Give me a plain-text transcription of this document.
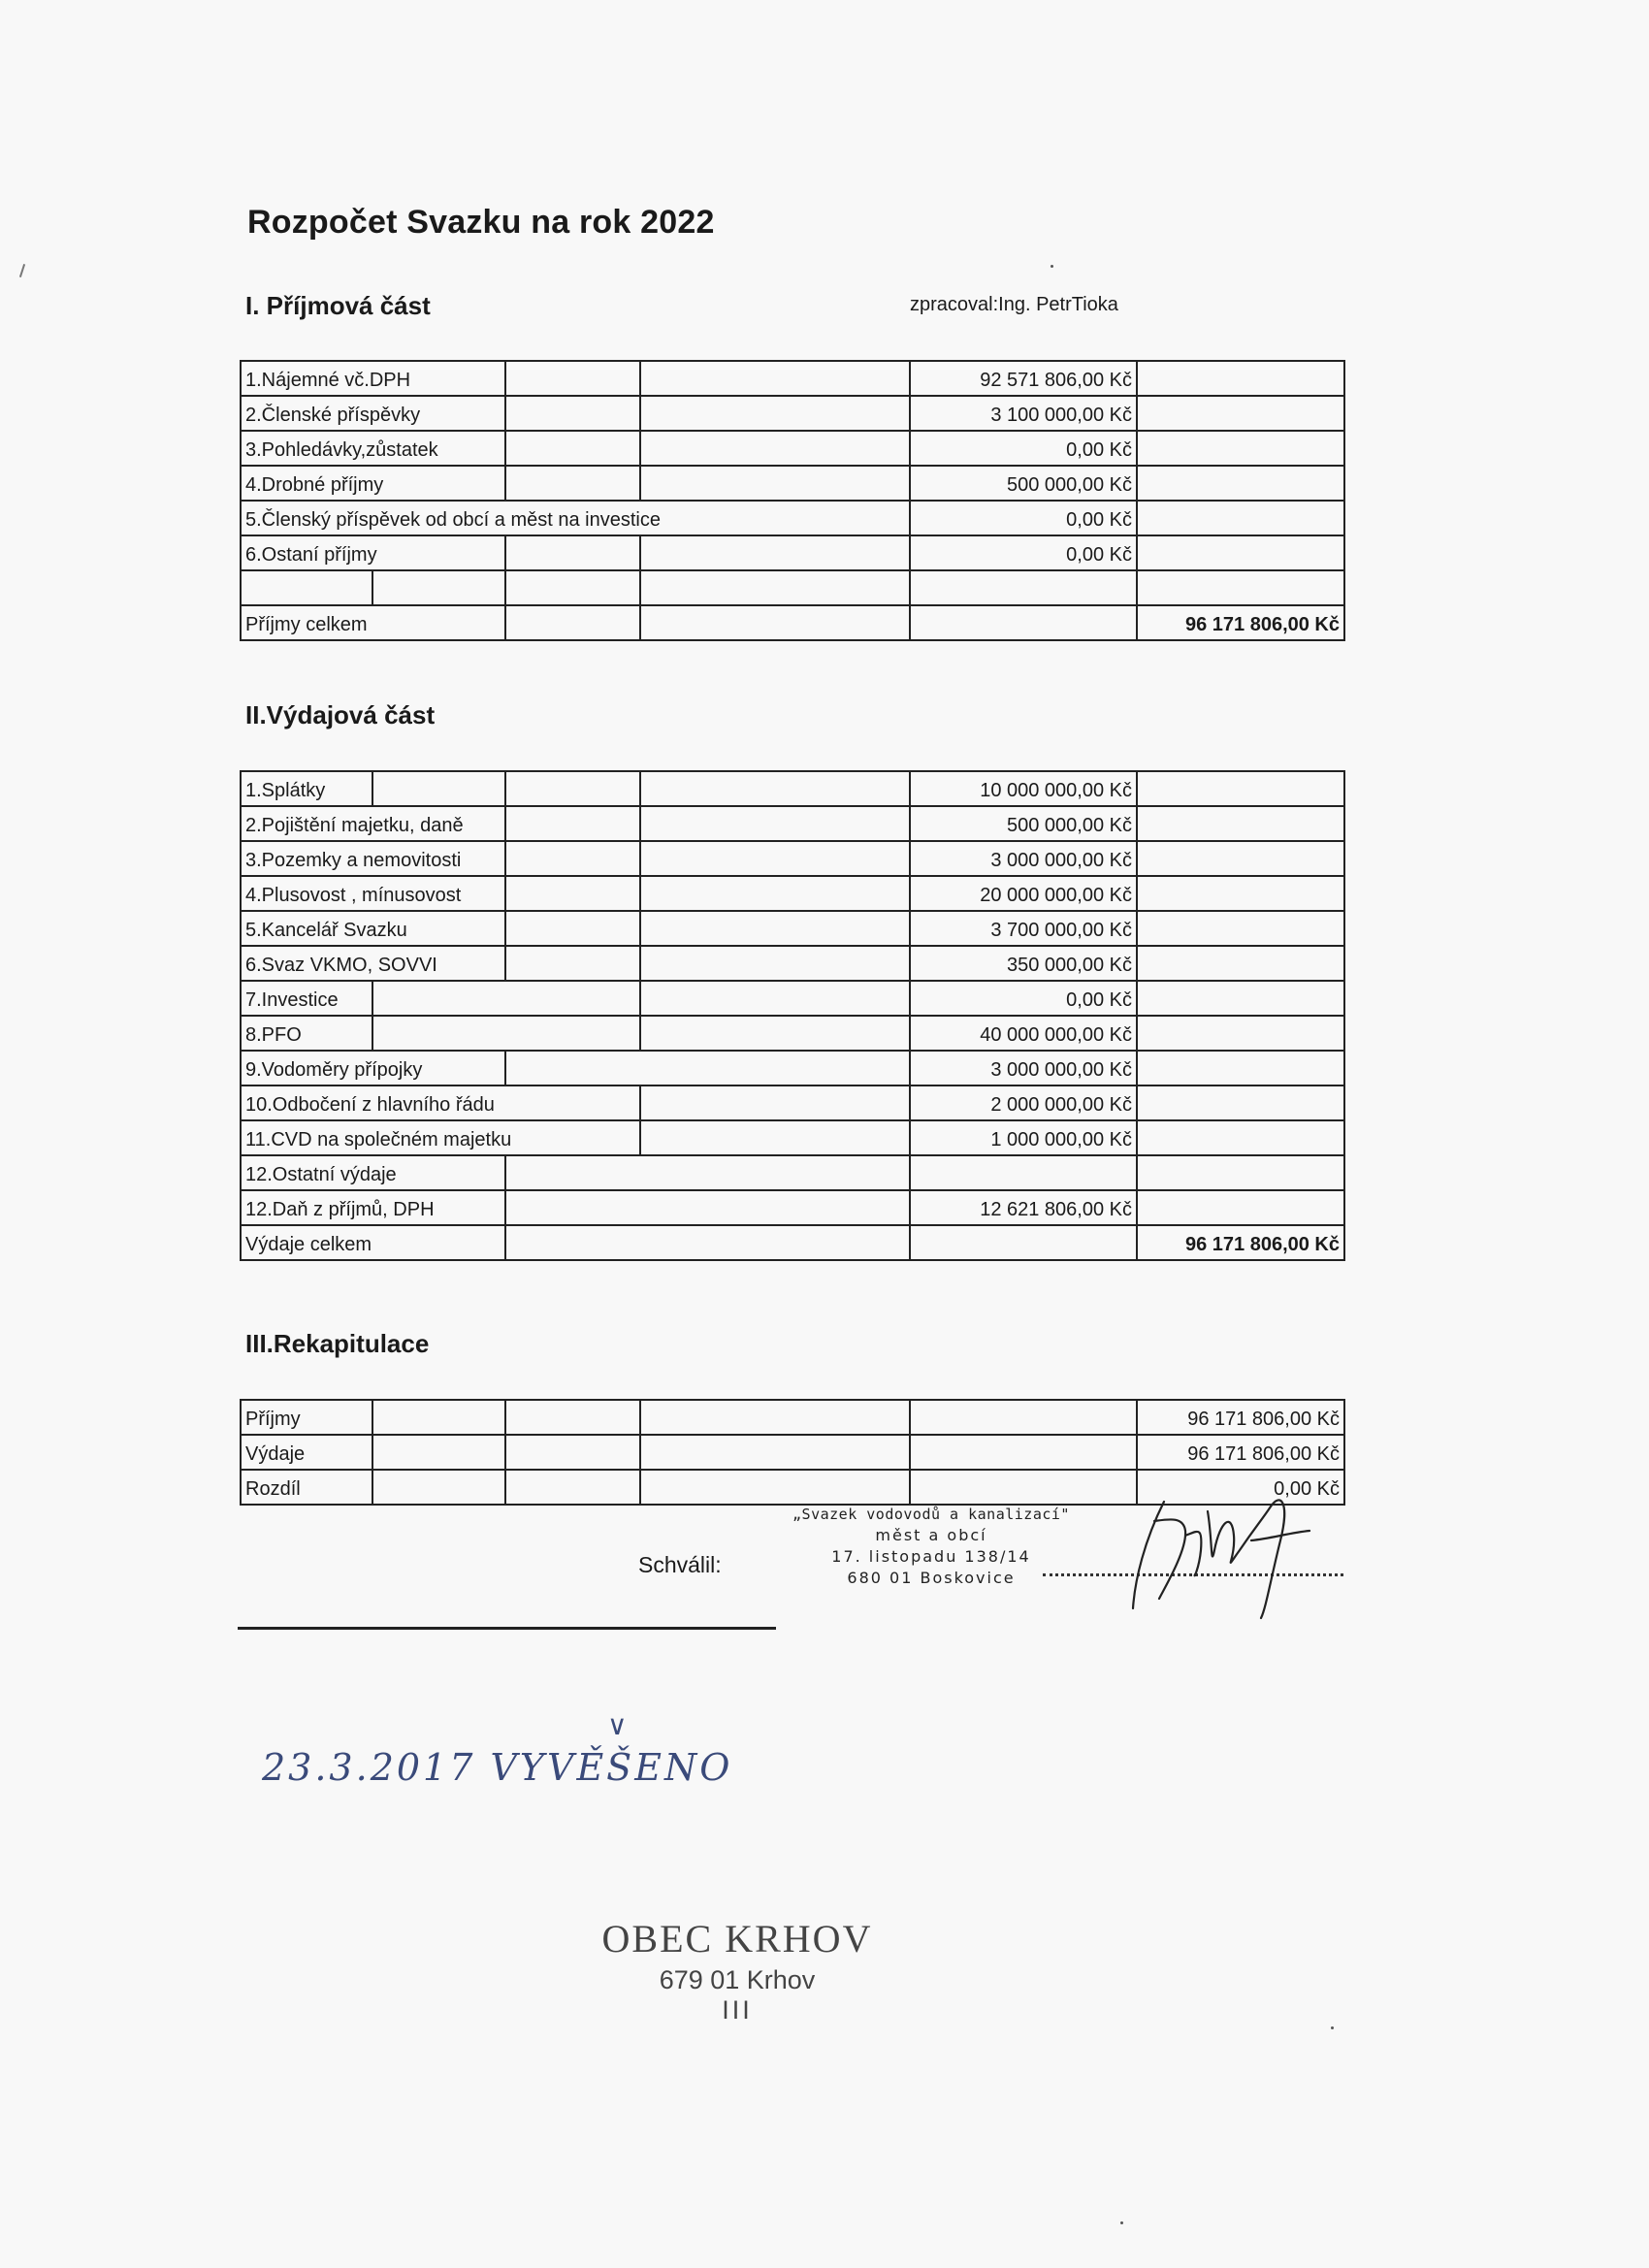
Rozpočet Svazku na rok 2022
I. Příjmová část	zpracoval:Ing. PetrTioka
1.Nájemné vč.DPH				92 571 806,00 Kč	
2.Členské příspěvky				3 100 000,00 Kč	
3.Pohledávky,zůstatek				0,00 Kč	
4.Drobné příjmy				500 000,00 Kč	
5.Členský příspěvek od obcí a měst na investice				0,00 Kč	
6.Ostaní příjmy				0,00 Kč	

Příjmy celkem					96 171 806,00 Kč
II.Výdajová část
1.Splátky				10 000 000,00 Kč	
2.Pojištění majetku, daně				500 000,00 Kč	
3.Pozemky a nemovitosti				3 000 000,00 Kč	
4.Plusovost , mínusovost				20 000 000,00 Kč	
5.Kancelář Svazku				3 700 000,00 Kč	
6.Svaz VKMO, SOVVI				350 000,00 Kč	
7.Investice				0,00 Kč	
8.PFO				40 000 000,00 Kč	
9.Vodoměry přípojky				3 000 000,00 Kč	
10.Odbočení z hlavního řádu				2 000 000,00 Kč	
11.CVD na společném majetku				1 000 000,00 Kč	
12.Ostatní výdaje					
12.Daň z příjmů, DPH				12 621 806,00 Kč	
Výdaje celkem					96 171 806,00 Kč
III.Rekapitulace
Příjmy					96 171 806,00 Kč
Výdaje					96 171 806,00 Kč
Rozdíl					0,00 Kč
Schválil:
„Svazek vodovodů a kanalizací"
měst a obcí
17. listopadu 138/14
680 01 Boskovice
23.3.2017 VYVĚŠENO
∨
OBEC KRHOV
679 01 Krhov
III
